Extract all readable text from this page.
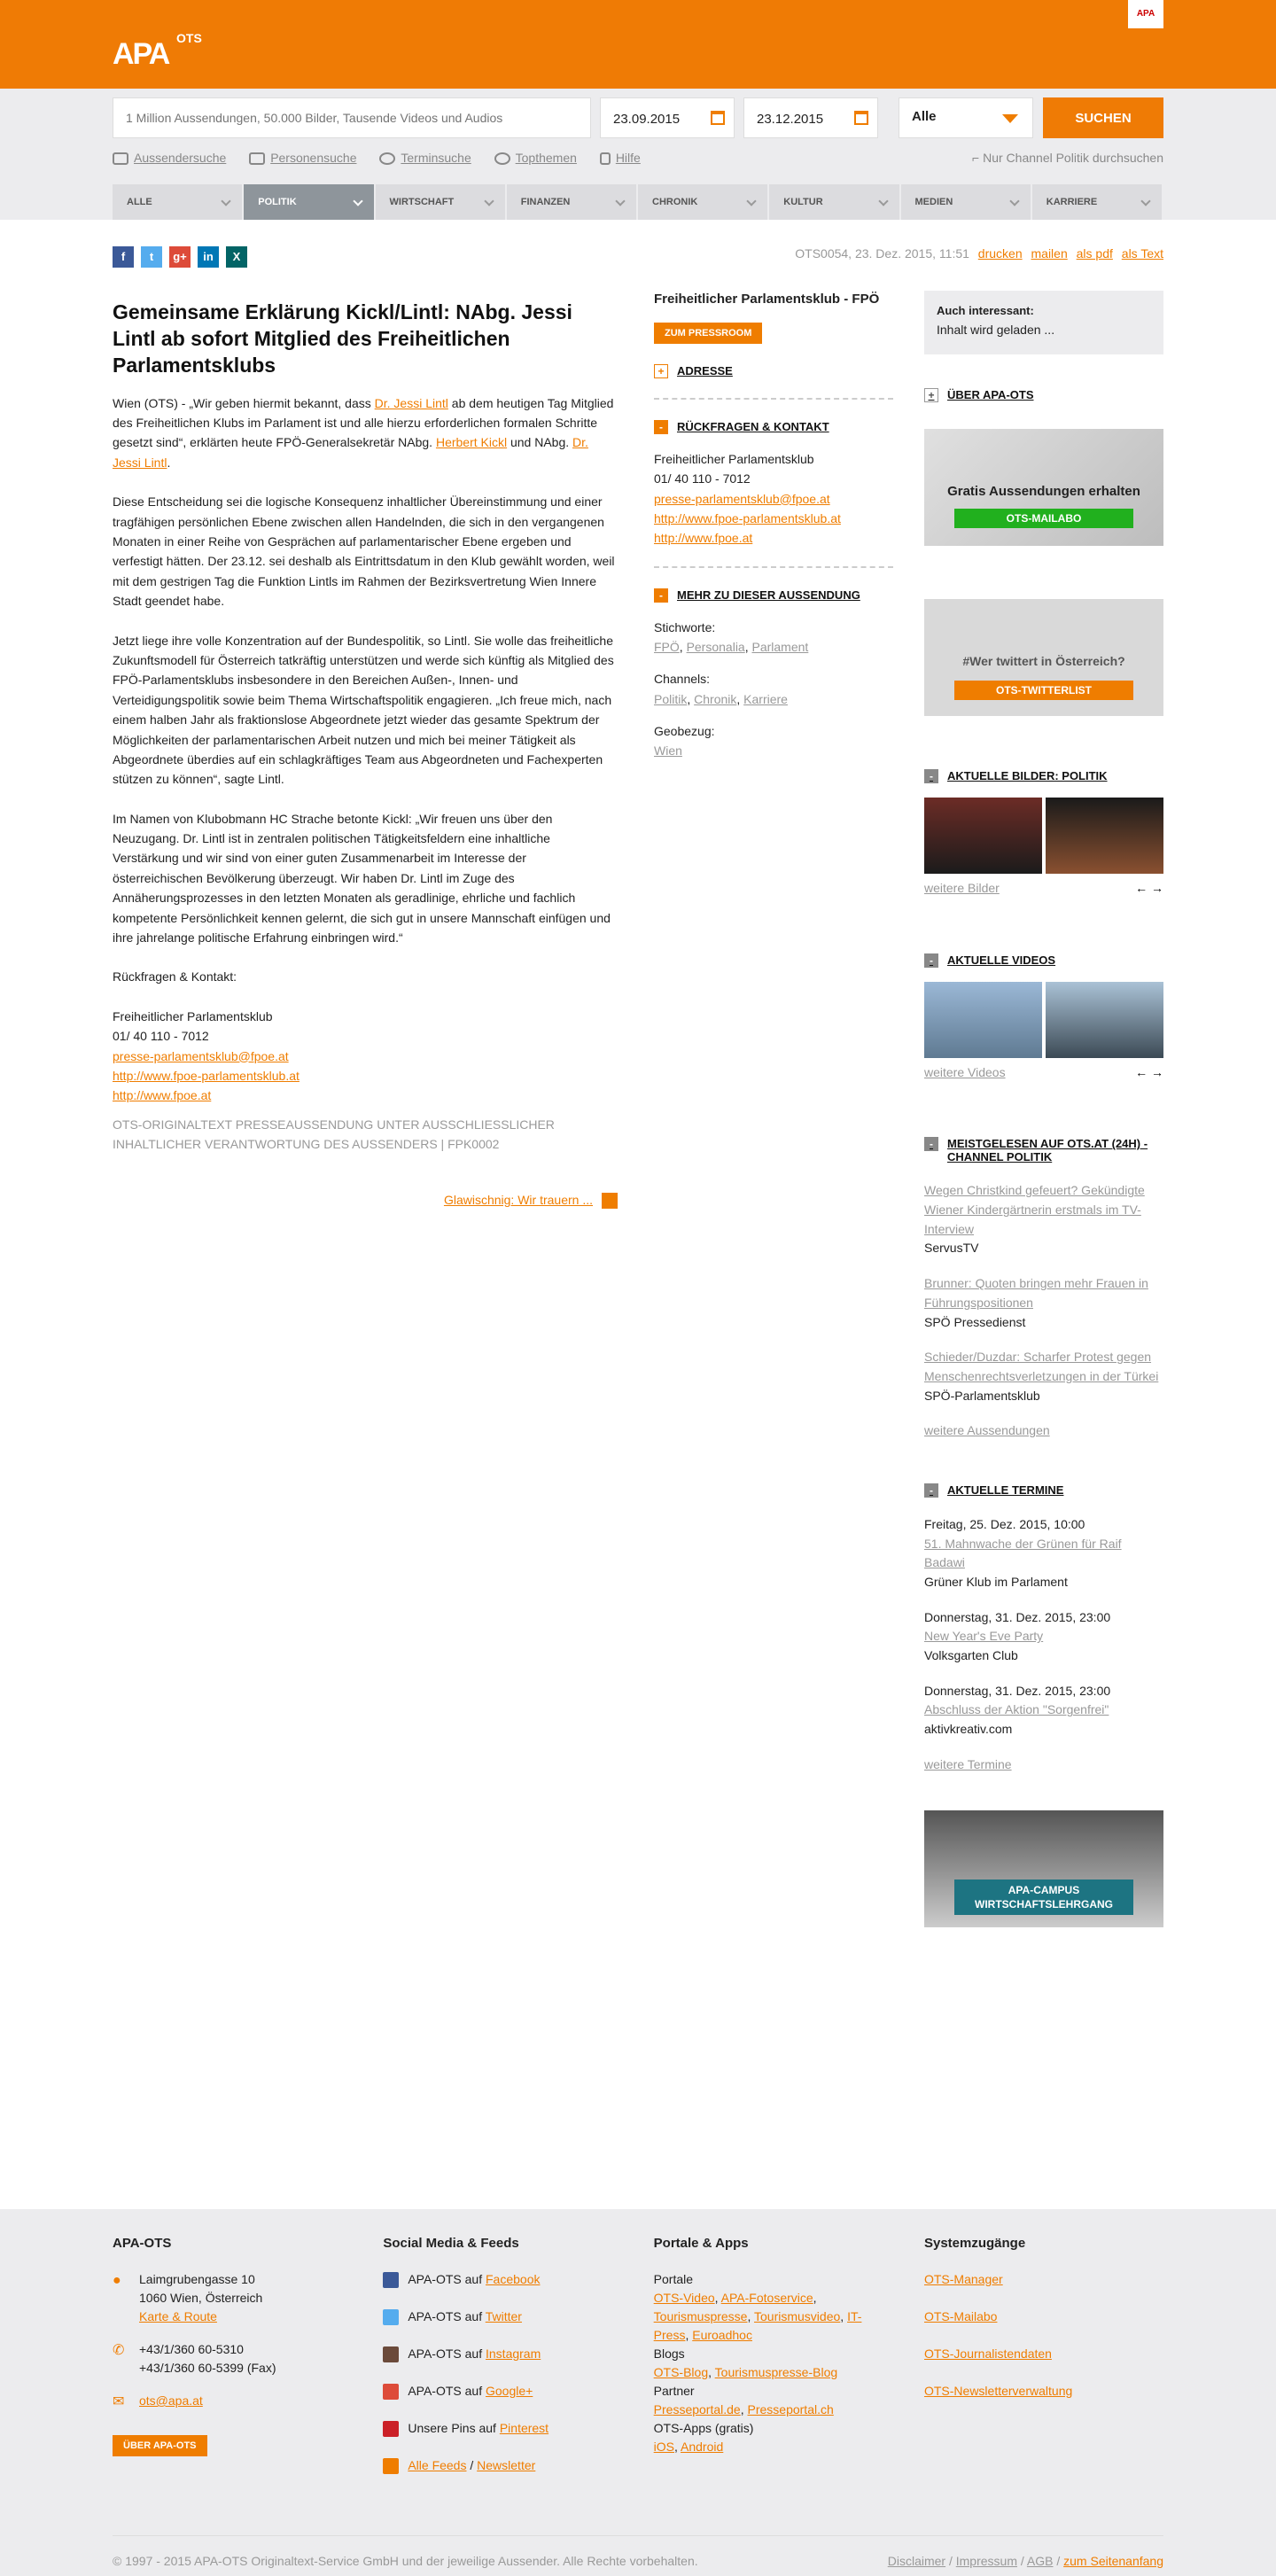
APA OTS
APA
1 Million Aussendungen, 50.000 Bilder, Tausende Videos und Audios
23.09.2015	23.12.2015	Alle	SUCHEN
Aussendersuche
	Personensuche
	Terminsuche
	Topthemen
	Hilfe	⌐ Nur Channel Politik durchsuchen
ALLE	POLITIK	WIRTSCHAFT	FINANZEN	CHRONIK	KULTUR	MEDIEN	KARRIERE
f	t	g+	in	X	OTS0054, 23. Dez. 2015, 11:51 drucken mailen als pdf als Text
Gemeinsame Erklärung Kickl/Lintl: NAbg. Jessi Lintl ab sofort Mitglied des Freiheitlichen Parlamentsklubs

Wien (OTS) - „Wir geben hiermit bekannt, dass Dr. Jessi Lintl ab dem heutigen Tag Mitglied des Freiheitlichen Klubs im Parlament ist und alle hierzu erforderlichen formalen Schritte gesetzt sind“, erklärten heute FPÖ-Generalsekretär NAbg. Herbert Kickl und NAbg. Dr. Jessi Lintl.

Diese Entscheidung sei die logische Konsequenz inhaltlicher Übereinstimmung und einer tragfähigen persönlichen Ebene zwischen allen Handelnden, die sich in den vergangenen Monaten in einer Reihe von Gesprächen auf parlamentarischer Ebene ergeben und verfestigt hätten. Der 23.12. sei deshalb als Eintrittsdatum in den Klub gewählt worden, weil mit dem gestrigen Tag die Funktion Lintls im Rahmen der Bezirksvertretung Wien Innere Stadt geendet habe.

Jetzt liege ihre volle Konzentration auf der Bundespolitik, so Lintl. Sie wolle das freiheitliche Zukunftsmodell für Österreich tatkräftig unterstützen und werde sich künftig als Mitglied des FPÖ-Parlamentsklubs insbesondere in den Bereichen Außen-, Innen- und Verteidigungspolitik sowie beim Thema Wirtschaftspolitik engagieren. „Ich freue mich, nach einem halben Jahr als fraktionslose Abgeordnete jetzt wieder das gesamte Spektrum der Möglichkeiten der parlamentarischen Arbeit nutzen und mich bei meiner Tätigkeit als Abgeordnete überdies auf ein schlagkräftiges Team aus Abgeordneten und Fachexperten stützen zu können“, sagte Lintl.

Im Namen von Klubobmann HC Strache betonte Kickl: „Wir freuen uns über den Neuzugang. Dr. Lintl ist in zentralen politischen Tätigkeitsfeldern eine inhaltliche Verstärkung und wir sind von einer guten Zusammenarbeit im Interesse der österreichischen Bevölkerung überzeugt. Wir haben Dr. Lintl im Zuge des Annäherungsprozesses in den letzten Monaten als geradlinige, ehrliche und fachlich kompetente Persönlichkeit kennen gelernt, die sich gut in unsere Mannschaft einfügen und ihre jahrelange politische Erfahrung einbringen wird.“

Rückfragen & Kontakt:

Freiheitlicher Parlamentsklub
01/ 40 110 - 7012
presse-parlamentsklub@fpoe.at
http://www.fpoe-parlamentsklub.at
http://www.fpoe.at
OTS-ORIGINALTEXT PRESSEAUSSENDUNG UNTER AUSSCHLIESSLICHER INHALTLICHER VERANTWORTUNG DES AUSSENDERS | FPK0002
Glawischnig: Wir trauern ...
Freiheitlicher Parlamentsklub - FPÖ
ZUM PRESSROOM
+ ADRESSE
- RÜCKFRAGEN & KONTAKT
Freiheitlicher Parlamentsklub
01/ 40 110 - 7012
presse-parlamentsklub@fpoe.at
http://www.fpoe-parlamentsklub.at
http://www.fpoe.at
- MEHR ZU DIESER AUSSENDUNG
Stichworte:
FPÖ, Personalia, Parlament
Channels:
Politik, Chronik, Karriere
Geobezug:
Wien
Auch interessant:
Inhalt wird geladen ...
+	ÜBER APA-OTS
Gratis Aussendungen erhalten
OTS-MAILABO
#Wer twittert in Österreich?
OTS-TWITTERLIST
-	AKTUELLE BILDER: POLITIK
weitere Bilder	← →
-	AKTUELLE VIDEOS
weitere Videos	← →
-	MEISTGELESEN AUF OTS.AT (24H) - CHANNEL POLITIK

Wegen Christkind gefeuert? Gekündigte Wiener Kindergärtnerin erstmals im TV-Interview
ServusTV

Brunner: Quoten bringen mehr Frauen in Führungspositionen
SPÖ Pressedienst

Schieder/Duzdar: Scharfer Protest gegen Menschenrechtsverletzungen in der Türkei
SPÖ-Parlamentsklub

weitere Aussendungen

-	AKTUELLE TERMINE

Freitag, 25. Dez. 2015, 10:00
51. Mahnwache der Grünen für Raif Badawi
Grüner Klub im Parlament

Donnerstag, 31. Dez. 2015, 23:00
New Year's Eve Party
Volksgarten Club

Donnerstag, 31. Dez. 2015, 23:00
Abschluss der Aktion "Sorgenfrei"
aktivkreativ.com

weitere Termine

APA-CAMPUS WIRTSCHAFTSLEHRGANG
APA-OTS
●	Laimgrubengasse 10
1060 Wien, Österreich
Karte & Route
✆	+43/1/360 60-5310
+43/1/360 60-5399 (Fax)
✉	ots@apa.at
ÜBER APA-OTS
Social Media & Feeds

APA-OTS auf Facebook

APA-OTS auf Twitter

APA-OTS auf Instagram

APA-OTS auf Google+

Unsere Pins auf Pinterest

Alle Feeds / Newsletter

Portale & Apps
Portale
OTS-Video, APA-Fotoservice, Tourismuspresse, Tourismusvideo, IT-Press, Euroadhoc
Blogs
OTS-Blog, Tourismuspresse-Blog
Partner
Presseportal.de, Presseportal.ch
OTS-Apps (gratis)
iOS, Android
Systemzugänge

OTS-Manager

OTS-Mailabo

OTS-Journalistendaten

OTS-Newsletterverwaltung

© 1997 - 2015 APA-OTS Originaltext-Service GmbH und der jeweilige Aussender. Alle Rechte vorbehalten.	Disclaimer / Impressum / AGB / zum Seitenanfang
